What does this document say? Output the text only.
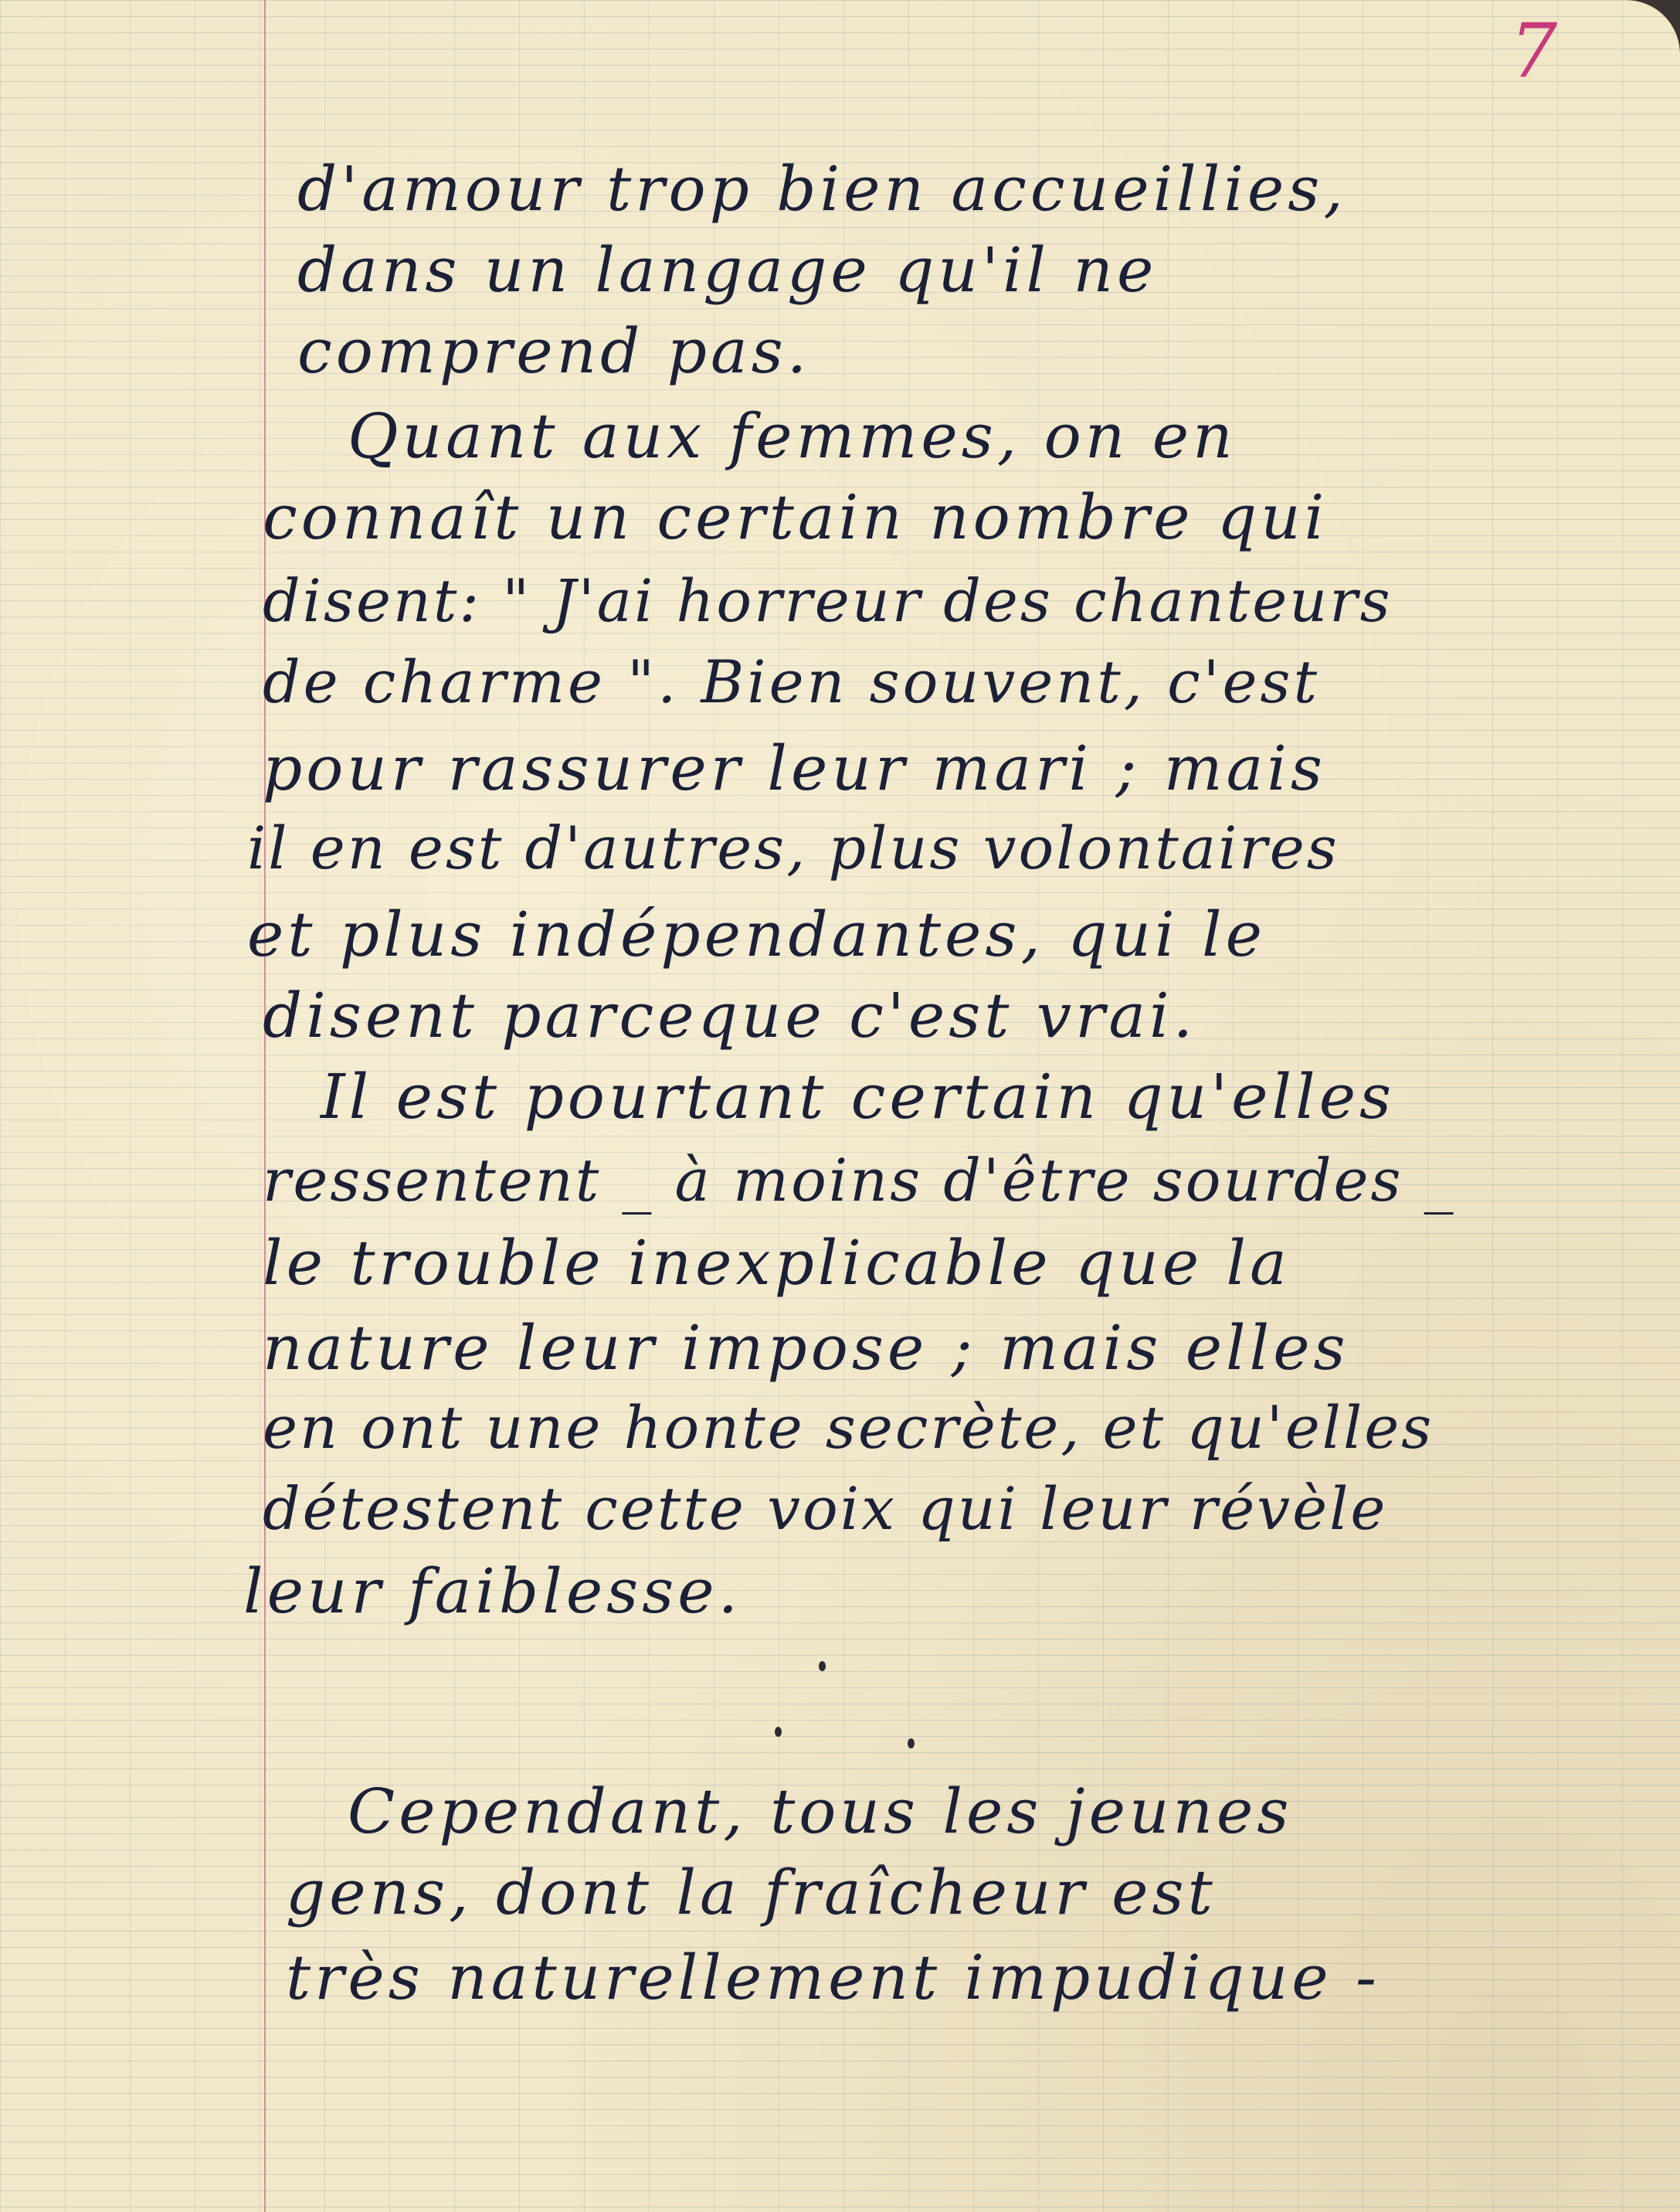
7
d'amour trop bien accueillies,
dans un langage qu'il ne
comprend pas.
Quant aux femmes, on en
connaît un certain nombre qui
disent: " J'ai horreur des chanteurs
de charme ". Bien souvent, c'est
pour rassurer leur mari ; mais
il en est d'autres, plus volontaires
et plus indépendantes, qui le
disent parceque c'est vrai.
Il est pourtant certain qu'elles
ressentent _ à moins d'être sourdes _
le trouble inexplicable que la
nature leur impose ; mais elles
en ont une honte secrète, et qu'elles
détestent cette voix qui leur révèle
leur faiblesse.
Cependant, tous les jeunes
gens, dont la fraîcheur est
très naturellement impudique -
